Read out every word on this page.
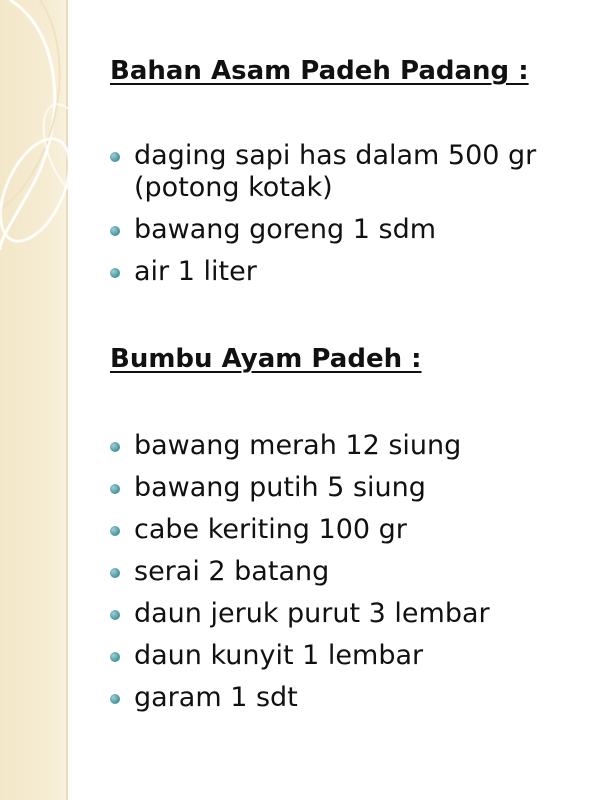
Bahan Asam Padeh Padang :
daging sapi has dalam 500 gr (potong kotak)
bawang goreng 1 sdm
air 1 liter
Bumbu Ayam Padeh :
bawang merah 12 siung
bawang putih 5 siung
cabe keriting 100 gr
serai 2 batang
daun jeruk purut 3 lembar
daun kunyit 1 lembar
garam 1 sdt
